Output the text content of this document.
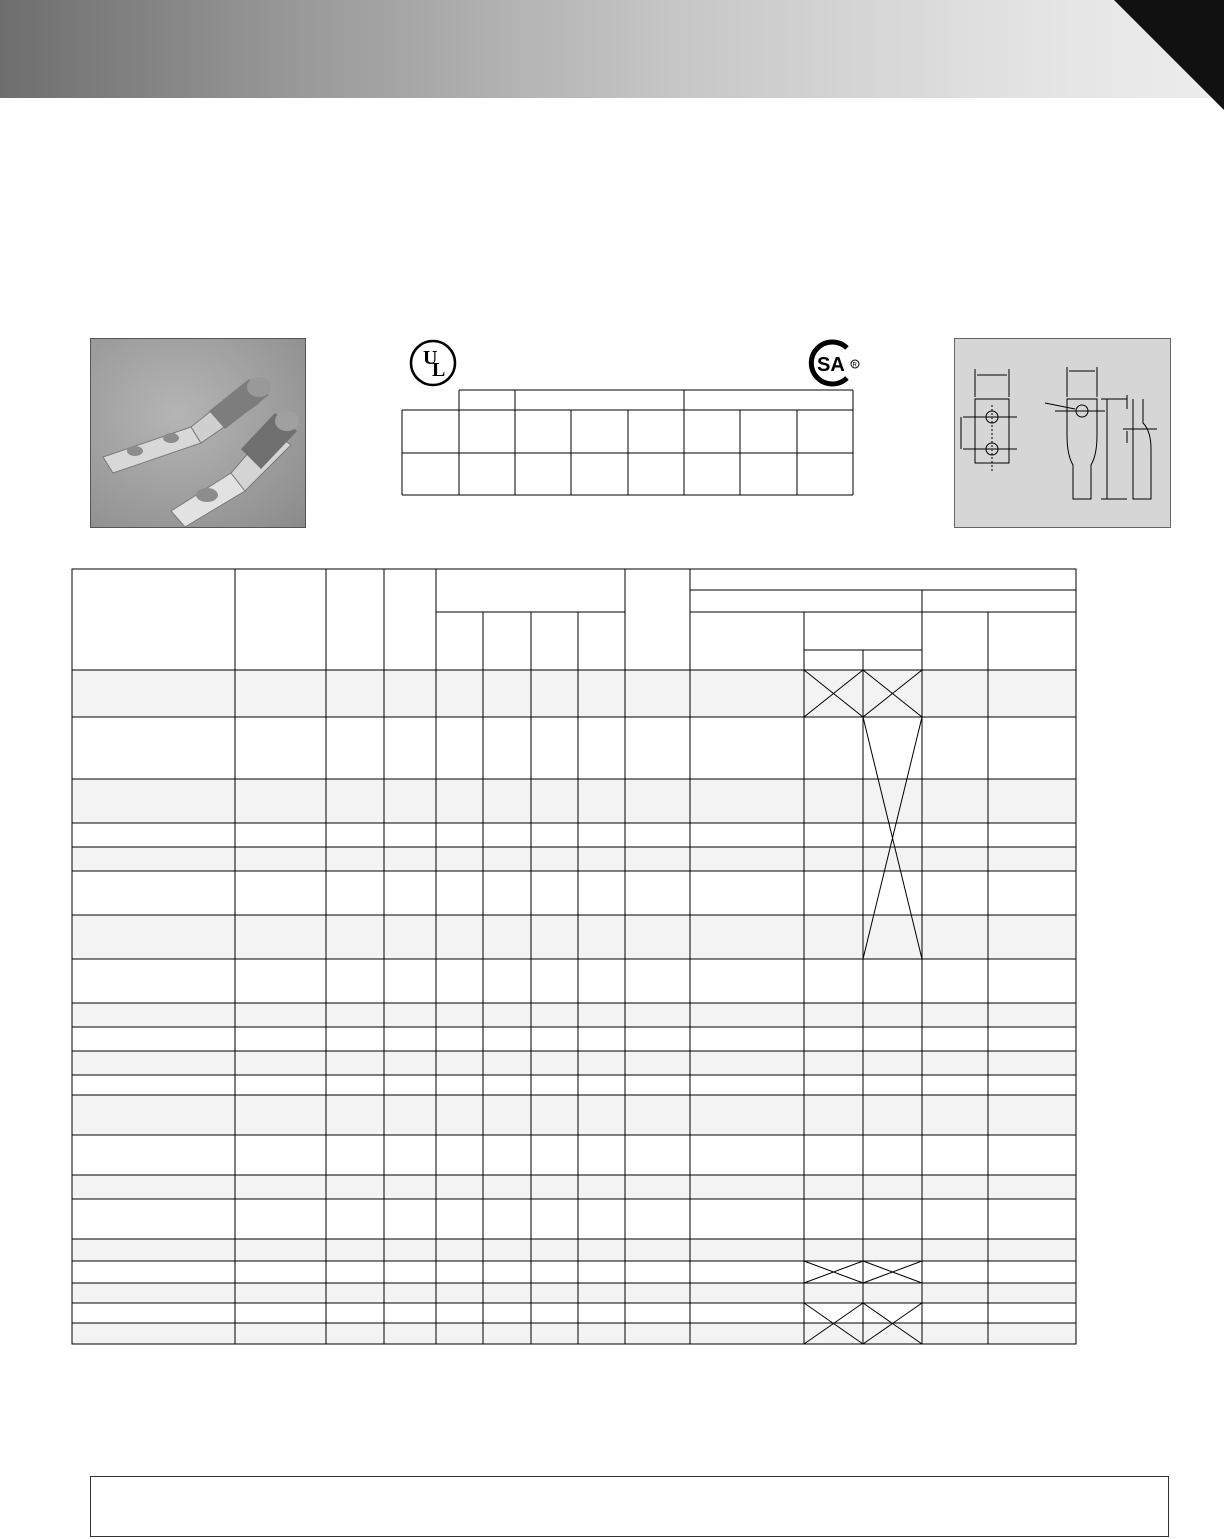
U
L	SA R
